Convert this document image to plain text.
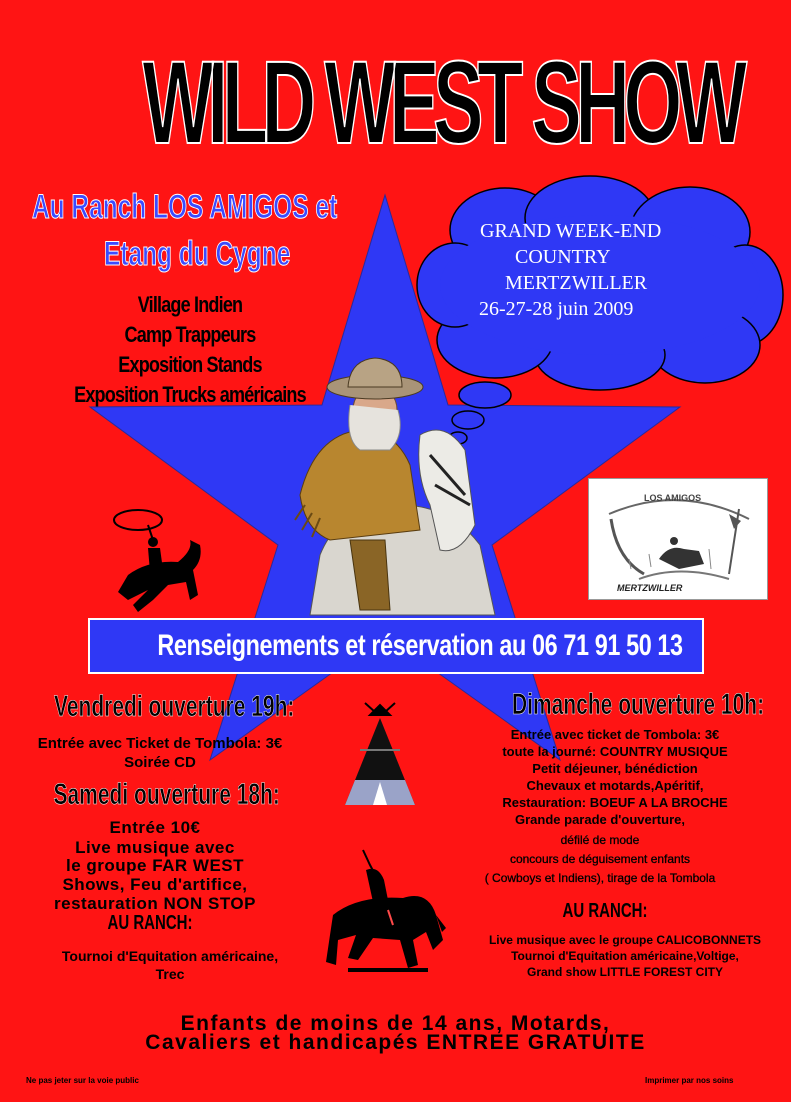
WILD WEST SHOW
Au Ranch LOS AMIGOS et
Etang du Cygne
Village Indien
Camp Trappeurs
Exposition Stands
Exposition Trucks américains
GRAND WEEK-END
COUNTRY
MERTZWILLER
26-27-28 juin 2009
LOS AMIGOS
MERTZWILLER
Renseignements et réservation au 06 71 91 50 13
Vendredi ouverture 19h:
Entrée avec Ticket de Tombola: 3€
Soirée CD
Samedi ouverture 18h:
Entrée 10€
Live musique avec
le groupe FAR WEST
Shows, Feu d'artifice,
restauration NON STOP
AU RANCH:
Tournoi d'Equitation américaine,
Trec
Dimanche ouverture 10h:
Entrée avec ticket de Tombola: 3€
toute la journé: COUNTRY MUSIQUE
Petit déjeuner, bénédiction
Chevaux et motards,Apéritif,
Restauration: BOEUF A LA BROCHE
Grande parade d'ouverture,
défilé de mode
concours de déguisement enfants
( Cowboys et Indiens), tirage de la Tombola
AU RANCH:
Live musique avec le groupe CALICOBONNETS
Tournoi d'Equitation américaine,Voltige,
Grand show LITTLE FOREST CITY
Enfants de moins de 14 ans, Motards,
Cavaliers et handicapés ENTREE GRATUITE
Ne pas jeter sur la voie public	Imprimer par nos soins
